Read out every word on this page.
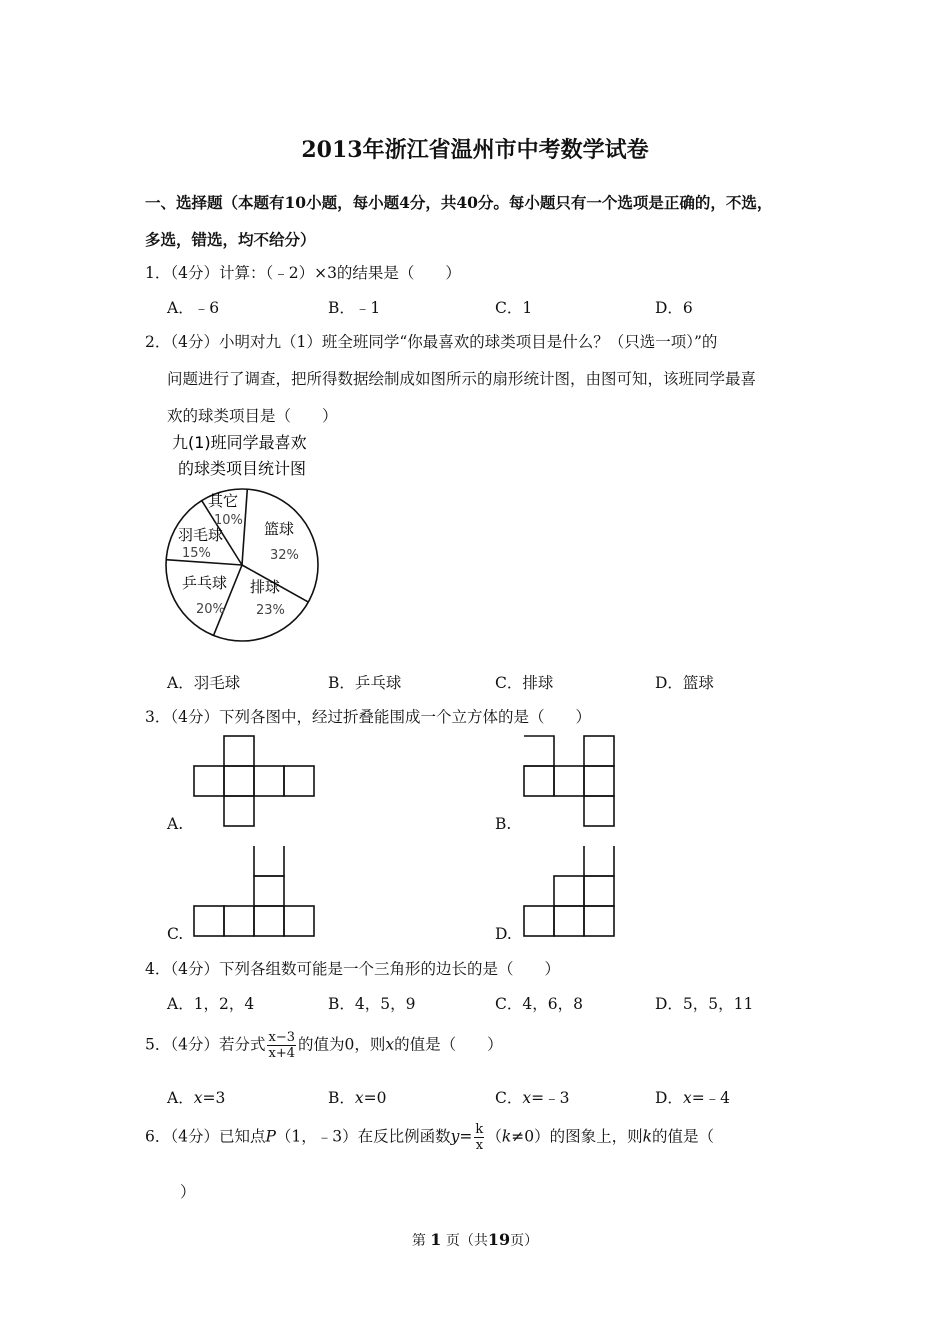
2013年浙江省温州市中考数学试卷
一、选择题（本题有10小题，每小题4分，共40分。每小题只有一个选项是正确的，不选，
多选，错选，均不给分）
1．（4分）计算：（﹣2）×3的结果是（　　）
A．﹣6	B．﹣1	C．1	D．6
2．（4分）小明对九（1）班全班同学“你最喜欢的球类项目是什么？（只选一项）”的
问题进行了调查，把所得数据绘制成如图所示的扇形统计图，由图可知，该班同学最喜
欢的球类项目是（　　）
九(1)班同学最喜欢
的球类项目统计图
其它
10%
羽毛球
15%
篮球
32%
乒乓球
20%
排球
23%
A．羽毛球	B．乒乓球	C．排球	D．篮球
3．（4分）下列各图中，经过折叠能围成一个立方体的是（　　）
A.	B.
C.	D.
4．（4分）下列各组数可能是一个三角形的边长的是（　　）
A．1，2，4	B．4，5，9	C．4，6，8	D．5，5，11
5．（4分）若分式 $\frac{x-3}{x+4}$ 的值为0，则x的值是（　　）
A．x=3	B．x=0	C．x=﹣3	D．x=﹣4
6．（4分）已知点P（1，﹣3）在反比例函数$y= \frac{k}{x} (k\ne 0)$的图象上，则k的值是（
）
第 1 页（共19页）
